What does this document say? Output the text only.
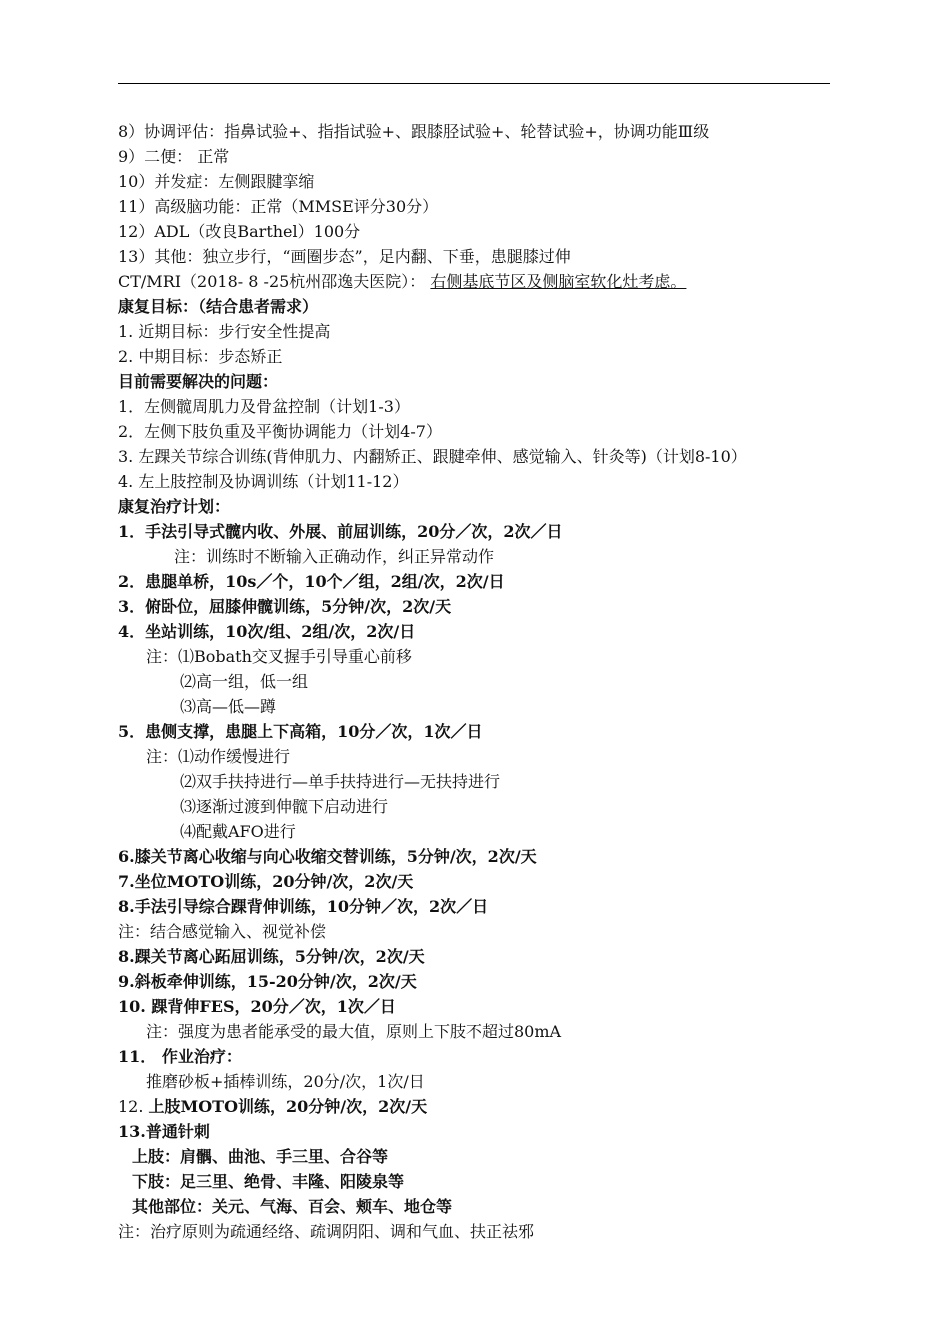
8）协调评估：指鼻试验+、指指试验+、跟膝胫试验+、轮替试验+，协调功能Ⅲ级
9）二便： 正常
10）并发症：左侧跟腱挛缩
11）高级脑功能：正常（MMSE评分30分）
12）ADL（改良Barthel）100分
13）其他：独立步行，“画圈步态”，足内翻、下垂，患腿膝过伸
CT/MRI（2018- 8 -25杭州邵逸夫医院）： 右侧基底节区及侧脑室软化灶考虑。
康复目标：（结合患者需求）
1. 近期目标：步行安全性提高
2. 中期目标：步态矫正
目前需要解决的问题：
1．左侧髋周肌力及骨盆控制（计划1-3）
2．左侧下肢负重及平衡协调能力（计划4-7）
3. 左踝关节综合训练(背伸肌力、内翻矫正、跟腱牵伸、感觉输入、针灸等)（计划8-10）
4. 左上肢控制及协调训练（计划11-12）
康复治疗计划：
1．手法引导式髋内收、外展、前屈训练，20分／次，2次／日
注：训练时不断输入正确动作，纠正异常动作
2．患腿单桥，10s／个，10个／组，2组/次，2次/日
3．俯卧位，屈膝伸髋训练，5分钟/次，2次/天
4．坐站训练，10次/组、2组/次，2次/日
注：⑴Bobath交叉握手引导重心前移
⑵高一组，低一组
⑶高—低—蹲
5．患侧支撑，患腿上下高箱，10分／次，1次／日
注：⑴动作缓慢进行
⑵双手扶持进行—单手扶持进行—无扶持进行
⑶逐渐过渡到伸髋下启动进行
⑷配戴AFO进行
6.膝关节离心收缩与向心收缩交替训练，5分钟/次，2次/天
7.坐位MOTO训练，20分钟/次，2次/天
8.手法引导综合踝背伸训练，10分钟／次，2次／日
注：结合感觉输入、视觉补偿
8.踝关节离心跖屈训练，5分钟/次，2次/天
9.斜板牵伸训练，15-20分钟/次，2次/天
10. 踝背伸FES，20分／次，1次／日
注：强度为患者能承受的最大值，原则上下肢不超过80mA
11． 作业治疗：
推磨砂板+插棒训练，20分/次，1次/日
12. 上肢MOTO训练，20分钟/次，2次/天
13.普通针刺
上肢：肩髃、曲池、手三里、合谷等
下肢：足三里、绝骨、丰隆、阳陵泉等
其他部位：关元、气海、百会、颊车、地仓等
注：治疗原则为疏通经络、疏调阴阳、调和气血、扶正祛邪
